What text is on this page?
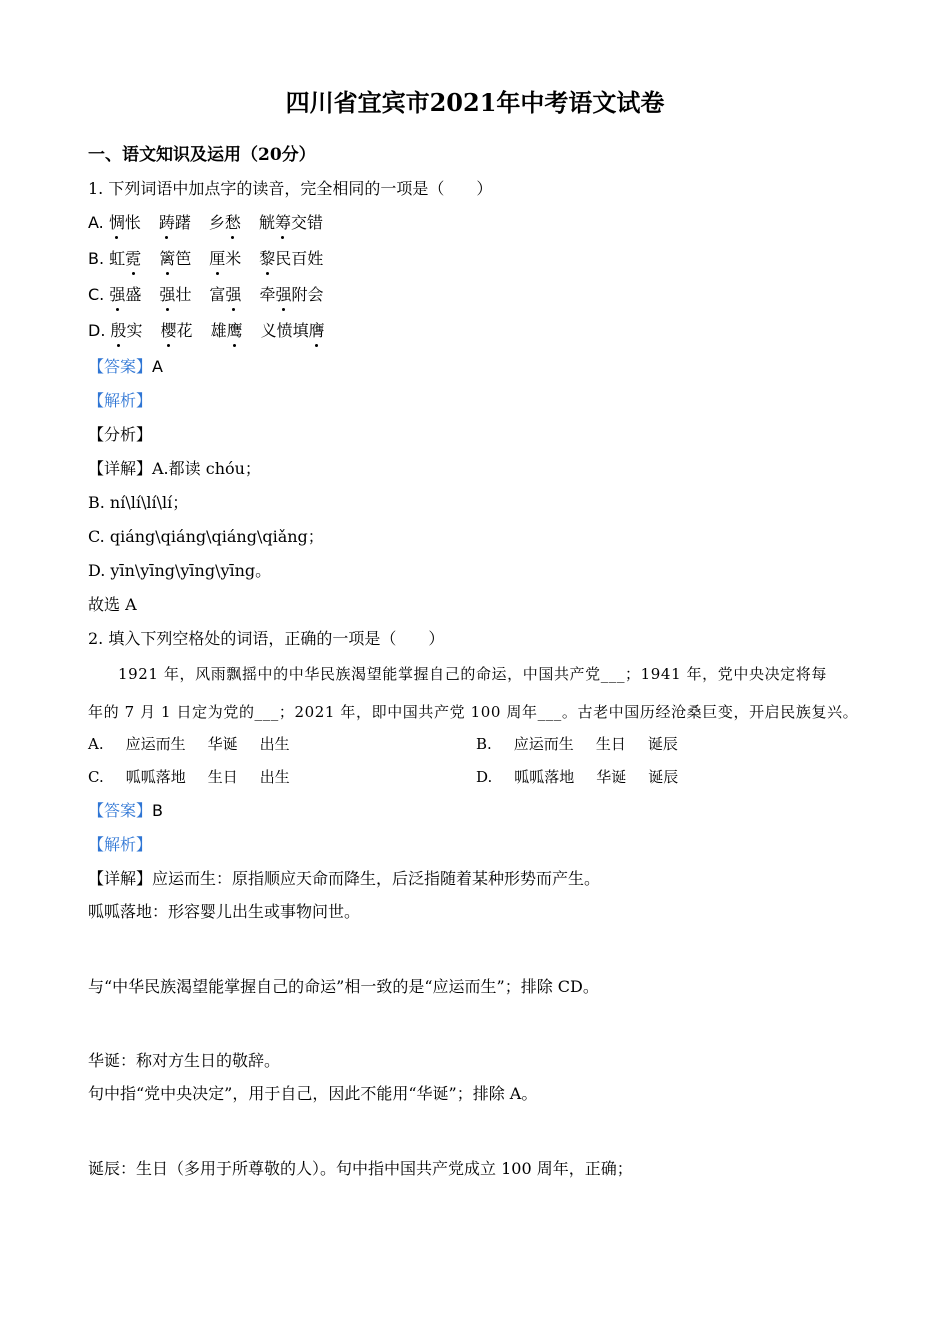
四川省宜宾市2021年中考语文试卷
一、语文知识及运用（20分）
1. 下列词语中加点字的读音，完全相同的一项是（　　）
【答案】A
【解析】
【分析】
【详解】A.都读 chóu；
B. ní\lí\lí\lí；
C. qiáng\qiáng\qiáng\qiǎng；
D. yīn\yīng\yīng\yīng。
故选 A
2. 填入下列空格处的词语，正确的一项是（　　）
1921 年，风雨飘摇中的中华民族渴望能掌握自己的命运，中国共产党___；1941 年，党中央决定将每
年的 7 月 1 日定为党的___；2021 年，即中国共产党 100 周年___。古老中国历经沧桑巨变，开启民族复兴。
A. 应运而生 华诞 出生	B. 应运而生 生日 诞辰
C. 呱呱落地 生日 出生	D. 呱呱落地 华诞 诞辰
【答案】B
【解析】
【详解】应运而生：原指顺应天命而降生，后泛指随着某种形势而产生。
呱呱落地：形容婴儿出生或事物问世。
与“中华民族渴望能掌握自己的命运”相一致的是“应运而生”；排除 CD。
华诞：称对方生日的敬辞。
句中指“党中央决定”，用于自己，因此不能用“华诞”；排除 A。
诞辰：生日（多用于所尊敬的人）。句中指中国共产党成立 100 周年，正确；
A. 惆怅 踌躇 乡愁 觥筹交错
B. 虹霓 篱笆 厘米 黎民百姓
C. 强盛 强壮 富强 牵强附会
D. 殷实 樱花 雄鹰 义愤填膺
